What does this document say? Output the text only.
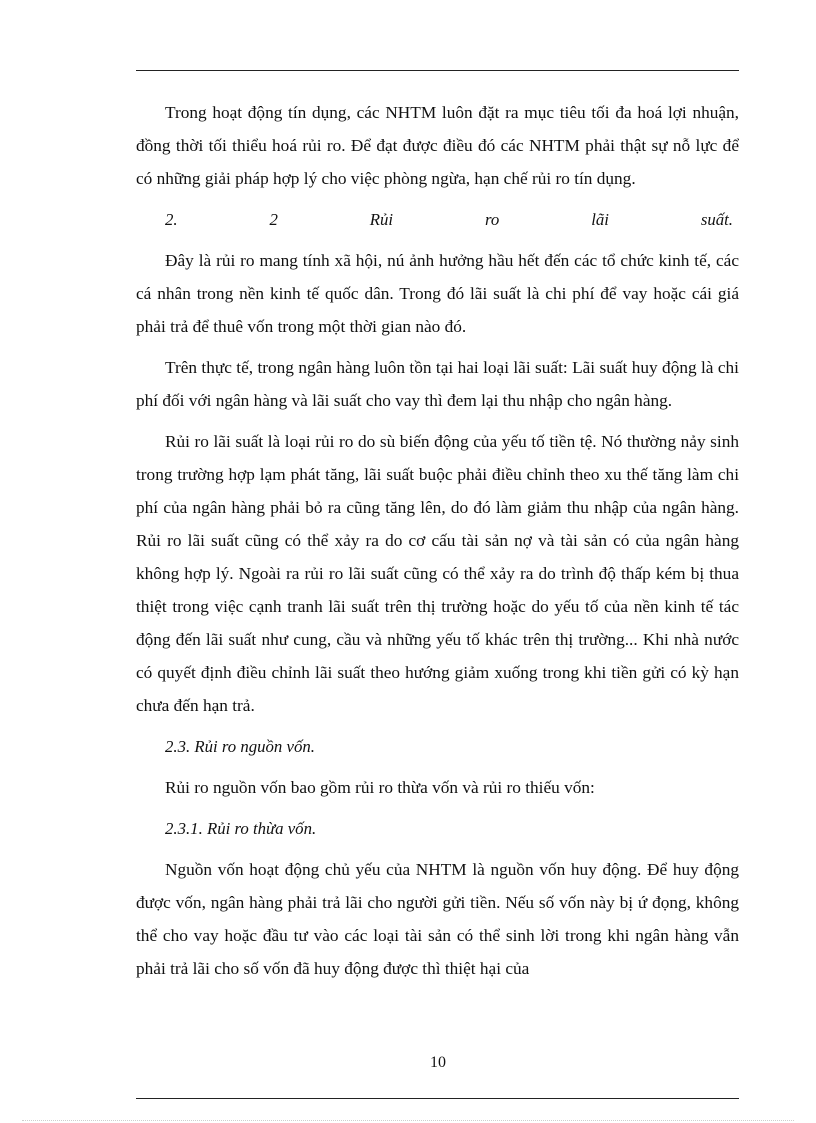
Trong hoạt động tín dụng, các NHTM luôn đặt ra mục tiêu tối đa hoá lợi nhuận, đồng thời tối thiểu hoá rủi ro. Để đạt được điều đó các NHTM phải thật sự nỗ lực để có những giải pháp hợp lý cho việc phòng ngừa, hạn chế rủi ro tín dụng.

2. 2 Rủi ro lãi suất.

Đây là rủi ro mang tính xã hội, nú ảnh hưởng hầu hết đến các tổ chức kinh tế, các cá nhân trong nền kinh tế quốc dân. Trong đó lãi suất là chi phí để vay hoặc cái giá phải trả để thuê vốn trong một thời gian nào đó.

Trên thực tế, trong ngân hàng luôn tồn tại hai loại lãi suất: Lãi suất huy động là chi phí đối với ngân hàng và lãi suất cho vay thì đem lại thu nhập cho ngân hàng.

Rủi ro lãi suất là loại rủi ro do sù biến động của yếu tố tiền tệ. Nó thường nảy sinh trong trường hợp lạm phát tăng, lãi suất buộc phải điều chỉnh theo xu thế tăng làm chi phí của ngân hàng phải bỏ ra cũng tăng lên, do đó làm giảm thu nhập của ngân hàng. Rủi ro lãi suất cũng có thể xảy ra do cơ cấu tài sản nợ và tài sản có của ngân hàng không hợp lý. Ngoài ra rủi ro lãi suất cũng có thể xảy ra do trình độ thấp kém bị thua thiệt trong việc cạnh tranh lãi suất trên thị trường hoặc do yếu tố của nền kinh tế tác động đến lãi suất như cung, cầu và những yếu tố khác trên thị trường... Khi nhà nước có quyết định điều chỉnh lãi suất theo hướng giảm xuống trong khi tiền gửi có kỳ hạn chưa đến hạn trả.

2.3. Rủi ro nguồn vốn.

Rủi ro nguồn vốn bao gồm rủi ro thừa vốn và rủi ro thiếu vốn:

2.3.1. Rủi ro thừa vốn.

Nguồn vốn hoạt động chủ yếu của NHTM là nguồn vốn huy động. Để huy động được vốn, ngân hàng phải trả lãi cho người gửi tiền. Nếu số vốn này bị ứ đọng, không thể cho vay hoặc đầu tư vào các loại tài sản có thể sinh lời trong khi ngân hàng vẫn phải trả lãi cho số vốn đã huy động được thì thiệt hại của

10
